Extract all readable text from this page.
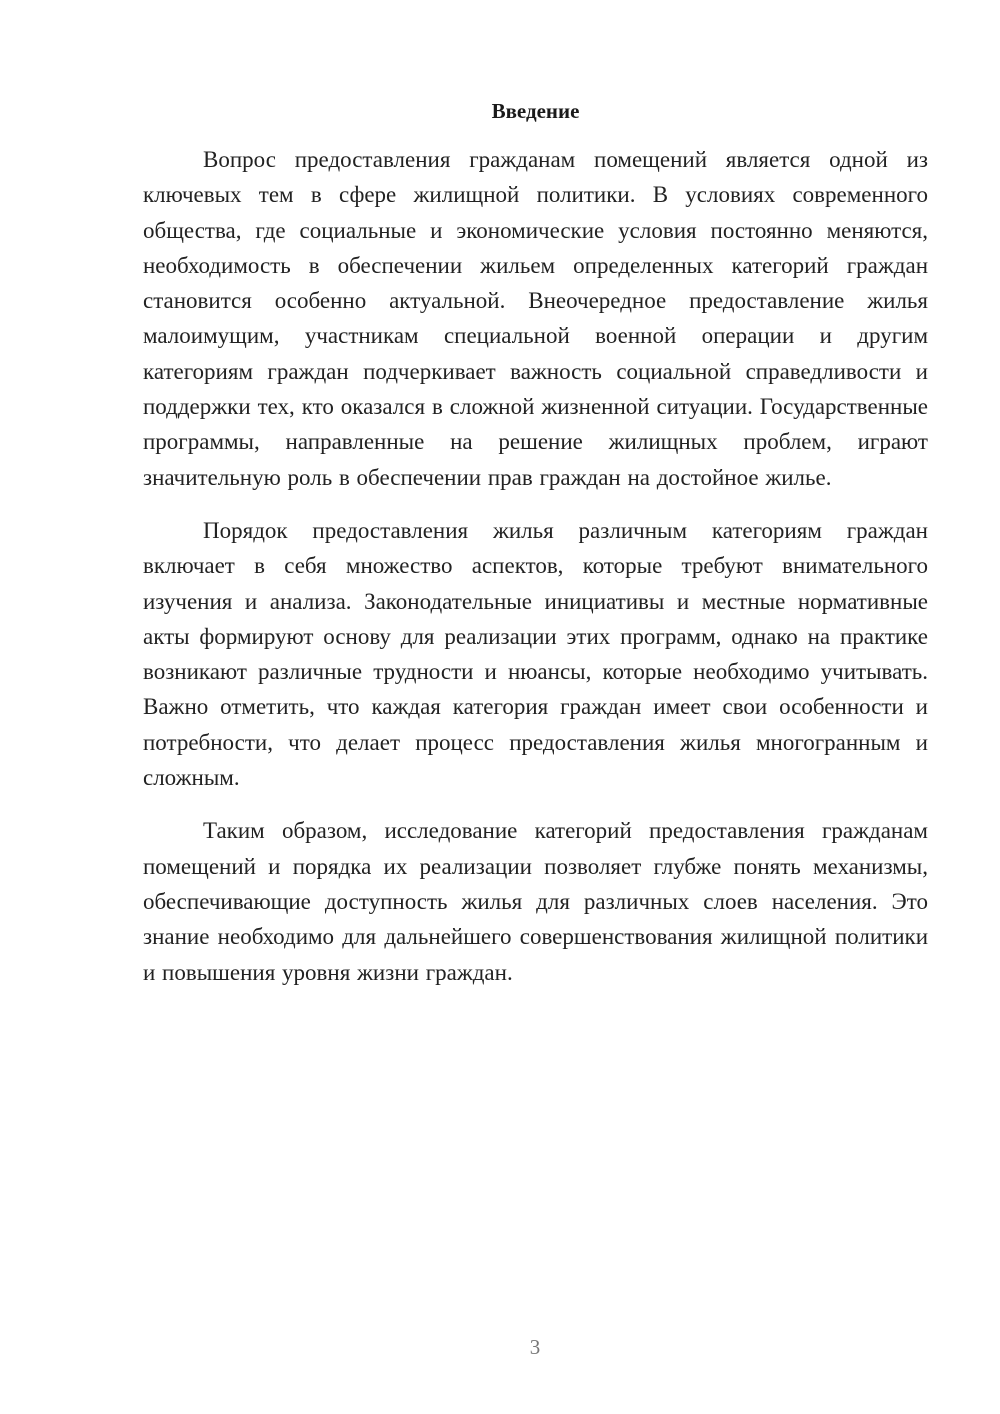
Введение

Вопрос предоставления гражданам помещений является одной из ключевых тем в сфере жилищной политики. В условиях современного общества, где социальные и экономические условия постоянно меняются, необходимость в обеспечении жильем определенных категорий граждан становится особенно актуальной. Внеочередное предоставление жилья малоимущим, участникам специальной военной операции и другим категориям граждан подчеркивает важность социальной справедливости и поддержки тех, кто оказался в сложной жизненной ситуации. Государственные программы, направленные на решение жилищных проблем, играют значительную роль в обеспечении прав граждан на достойное жилье.

Порядок предоставления жилья различным категориям граждан включает в себя множество аспектов, которые требуют внимательного изучения и анализа. Законодательные инициативы и местные нормативные акты формируют основу для реализации этих программ, однако на практике возникают различные трудности и нюансы, которые необходимо учитывать. Важно отметить, что каждая категория граждан имеет свои особенности и потребности, что делает процесс предоставления жилья многогранным и сложным.

Таким образом, исследование категорий предоставления гражданам помещений и порядка их реализации позволяет глубже понять механизмы, обеспечивающие доступность жилья для различных слоев населения. Это знание необходимо для дальнейшего совершенствования жилищной политики и повышения уровня жизни граждан.

3
